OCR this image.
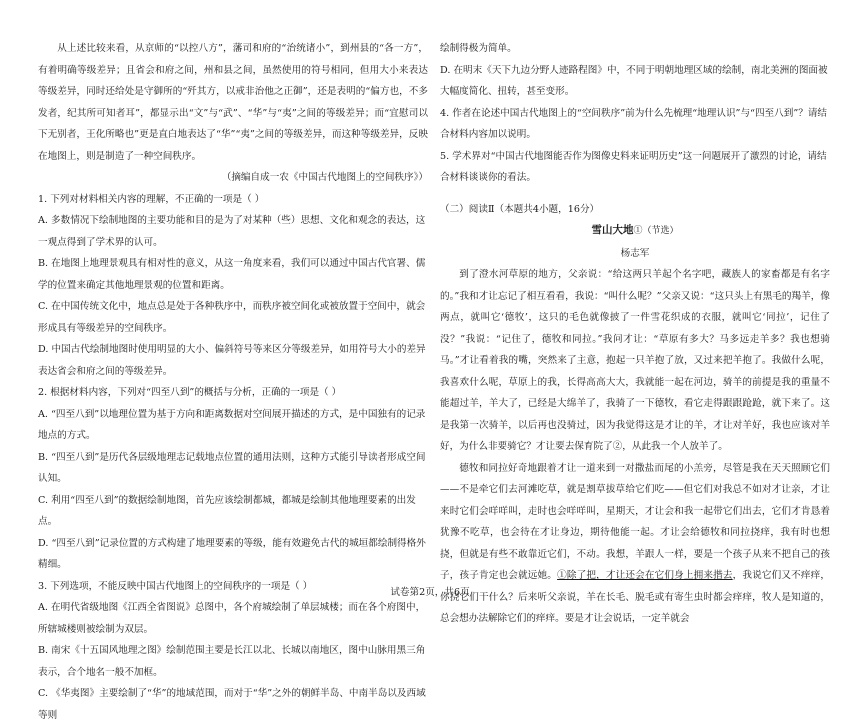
从上述比较来看，从京师的“以控八方”，藩司和府的“治统诸小”，到州县的“各一方”，有着明确等级差异；且省会和府之间，州和县之间，虽然使用的符号相同，但用大小来表达等级差异，同时还给处是守御所的“歼其方，以戒非治他之正御”，还是表明的“偏方也，不多发者，纪其所可知者耳”，都显示出“文”与“武”、“华”与“夷”之间的等级差异；而“宜慰司以下无别者，王化所略也”更是直白地表达了“华”“夷”之间的等级差异，而这种等级差异，反映在地图上，则是制造了一种空间秩序。

（摘编自成一农《中国古代地图上的空间秩序》）

1. 下列对材料相关内容的理解，不正确的一项是（ ）

A. 多数情况下绘制地图的主要功能和目的是为了对某种（些）思想、文化和观念的表达，这一观点得到了学术界的认可。

B. 在地图上地理景观具有相对性的意义，从这一角度来看，我们可以通过中国古代官署、儒学的位置来确定其他地理景观的位置和距离。

C. 在中国传统文化中，地点总是处于各种秩序中，而秩序被空间化或被放置于空间中，就会形成具有等级差异的空间秩序。

D. 中国古代绘制地图时使用明显的大小、偏斜符号等来区分等级差异，如用符号大小的差异表达省会和府之间的等级差异。

2. 根据材料内容，下列对“四至八到”的概括与分析，正确的一项是（ ）

A. “四至八到”以地理位置为基于方向和距离数据对空间展开描述的方式，是中国独有的记录地点的方式。

B. “四至八到”是历代各层级地理志记载地点位置的通用法则，这种方式能引导读者形成空间认知。

C. 利用“四至八到”的数据绘制地图，首先应该绘制都城，都城是绘制其他地理要素的出发点。

D. “四至八到”记录位置的方式构建了地理要素的等级，能有效避免古代的城垣都绘制得格外精细。

3. 下列选项，不能反映中国古代地图上的空间秩序的一项是（ ）

A. 在明代省级地图《江西全省图说》总图中，各个府城绘制了单层城楼；而在各个府图中，所辖城楼则被绘制为双层。

B. 南宋《十五国风地理之图》绘制范围主要是长江以北、长城以南地区，图中山脉用黑三角表示，合个地名一般不加框。

C. 《华夷图》主要绘制了“华”的地域范围，而对于“华”之外的朝鲜半岛、中南半岛以及西域等则

绘制得极为简单。

D. 在明末《天下九边分野人迹路程图》中，不同于明朝地理区域的绘制，南北美洲的图面被大幅度简化、扭转，甚至变形。

4. 作者在论述中国古代地图上的“空间秩序”前为什么先梳理“地理认识”与“四至八到”？请结合材料内容加以说明。

5. 学术界对“中国古代地图能否作为图像史料来证明历史”这一问题展开了激烈的讨论，请结合材料谈谈你的看法。

（二）阅读Ⅱ（本题共4小题，16分）

雪山大地①（节选）

杨志军

到了澄水河草原的地方，父亲说：“给这两只羊起个名字吧，藏族人的家畜都是有名字的。”我和才让忘记了相互看看，我说：“叫什么呢？”父亲又说：“这只头上有黑毛的羯羊，像两点，就叫它‘德牧’，这只的毛色就像披了一件雪花织成的衣服，就叫它‘同拉’，记住了没？”我说：“记住了，德牧和同拉。”我问才让：“草原有多大？马多远走羊多？我也想骑马。”才让看着我的嘴，突然来了主意，抱起一只羊抱了放，又过来把羊抱了。我做什么呢，我喜欢什么呢，草原上的我，长得高高大大，我就能一起在河边，骑羊的前提是我的重量不能超过羊，羊大了，已经是大绵羊了，我骑了一下德牧，看它走得跟跟跄跄，就下来了。这是我第一次骑羊，以后再也没骑过，因为我觉得这是才让的羊，才让对羊好，我也应该对羊好，为什么非要骑它？才让要去保育院了②，从此我一个人放羊了。

德牧和同拉好奇地跟着才让一道来到一对撒盐而尾的小羔旁，尽管是我在天天照顾它们——不是牵它们去河滩吃草，就是割草拔草给它们吃——但它们对我总不如对才让亲，才让来时它们会咩咩叫，走时也会咩咩叫，星期天，才让会和我一起带它们出去，它们才肯恳着犹豫不吃草，也会待在才让身边，期待他能一起。才让会给德牧和同拉挠痒，我有时也想挠，但就是有些不敢靠近它们，不动。我想，羊跟人一样，要是一个孩子从来不把自己的孩子，孩子肯定也会就远她。①除了把，才让还会在它们身上拥来揩去，我说它们又不痒痒，你挠它们干什么？后来听父亲说，羊在长毛、脱毛或有寄生虫时都会痒痒，牧人是知道的，总会想办法解除它们的痒痒。要是才让会说话，一定羊就会

试卷第2页，共6页
